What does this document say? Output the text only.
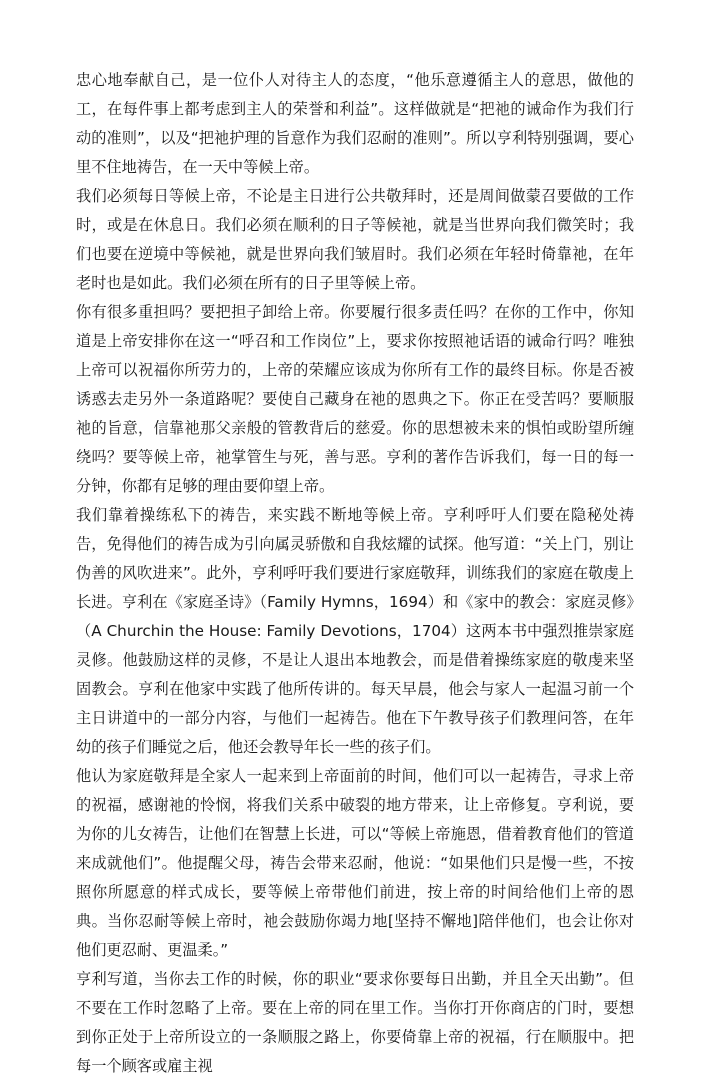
忠心地奉献自己，是一位仆人对待主人的态度，“他乐意遵循主人的意思，做他的工，在每件事上都考虑到主人的荣誉和利益”。这样做就是“把祂的诫命作为我们行动的准则”，以及“把祂护理的旨意作为我们忍耐的准则”。所以亨利特别强调，要心里不住地祷告，在一天中等候上帝。

我们必须每日等候上帝，不论是主日进行公共敬拜时，还是周间做蒙召要做的工作时，或是在休息日。我们必须在顺利的日子等候祂，就是当世界向我们微笑时；我们也要在逆境中等候祂，就是世界向我们皱眉时。我们必须在年轻时倚靠祂，在年老时也是如此。我们必须在所有的日子里等候上帝。

你有很多重担吗？要把担子卸给上帝。你要履行很多责任吗？在你的工作中，你知道是上帝安排你在这一“呼召和工作岗位”上，要求你按照祂话语的诫命行吗？唯独上帝可以祝福你所劳力的，上帝的荣耀应该成为你所有工作的最终目标。你是否被诱惑去走另外一条道路呢？要使自己藏身在祂的恩典之下。你正在受苦吗？要顺服祂的旨意，信靠祂那父亲般的管教背后的慈爱。你的思想被未来的惧怕或盼望所缠绕吗？要等候上帝，祂掌管生与死，善与恶。亨利的著作告诉我们，每一日的每一分钟，你都有足够的理由要仰望上帝。

我们靠着操练私下的祷告，来实践不断地等候上帝。亨利呼吁人们要在隐秘处祷告，免得他们的祷告成为引向属灵骄傲和自我炫耀的试探。他写道：“关上门，别让伪善的风吹进来”。此外，亨利呼吁我们要进行家庭敬拜，训练我们的家庭在敬虔上长进。亨利在《家庭圣诗》（Family Hymns，1694）和《家中的教会：家庭灵修》（A Churchin the House: Family Devotions，1704）这两本书中强烈推崇家庭灵修。他鼓励这样的灵修，不是让人退出本地教会，而是借着操练家庭的敬虔来坚固教会。亨利在他家中实践了他所传讲的。每天早晨，他会与家人一起温习前一个主日讲道中的一部分内容，与他们一起祷告。他在下午教导孩子们教理问答，在年幼的孩子们睡觉之后，他还会教导年长一些的孩子们。

他认为家庭敬拜是全家人一起来到上帝面前的时间，他们可以一起祷告，寻求上帝的祝福，感谢祂的怜悯，将我们关系中破裂的地方带来，让上帝修复。亨利说，要为你的儿女祷告，让他们在智慧上长进，可以“等候上帝施恩，借着教育他们的管道来成就他们”。他提醒父母，祷告会带来忍耐，他说：“如果他们只是慢一些，不按照你所愿意的样式成长，要等候上帝带他们前进，按上帝的时间给他们上帝的恩典。当你忍耐等候上帝时，祂会鼓励你竭力地[坚持不懈地]陪伴他们，也会让你对他们更忍耐、更温柔。”

亨利写道，当你去工作的时候，你的职业“要求你要每日出勤，并且全天出勤”。但不要在工作时忽略了上帝。要在上帝的同在里工作。当你打开你商店的门时，要想到你正处于上帝所设立的一条顺服之路上，你要倚靠上帝的祝福，行在顺服中。把每一个顾客或雇主视
